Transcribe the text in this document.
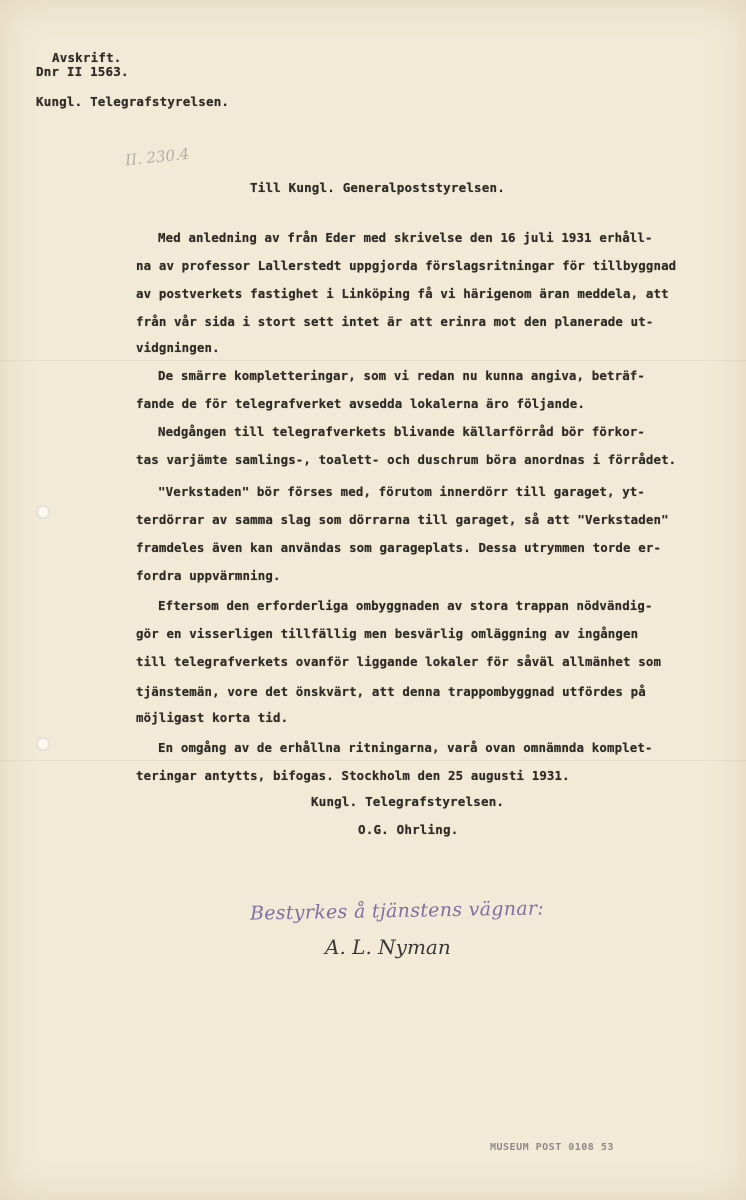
Avskrift.
Dnr II 1563.
Kungl. Telegrafstyrelsen.
II. 230.4
Till Kungl. Generalpoststyrelsen.
Med anledning av från Eder med skrivelse den 16 juli 1931 erhåll-
na av professor Lallerstedt uppgjorda förslagsritningar för tillbyggnad
av postverkets fastighet i Linköping få vi härigenom äran meddela, att
från vår sida i stort sett intet är att erinra mot den planerade ut-
vidgningen.
De smärre kompletteringar, som vi redan nu kunna angiva, beträf-
fande de för telegrafverket avsedda lokalerna äro följande.
Nedgången till telegrafverkets blivande källarförråd bör förkor-
tas varjämte samlings-, toalett- och duschrum böra anordnas i förrådet.
"Verkstaden" bör förses med, förutom innerdörr till garaget, yt-
terdörrar av samma slag som dörrarna till garaget, så att "Verkstaden"
framdeles även kan användas som garageplats. Dessa utrymmen torde er-
fordra uppvärmning.
Eftersom den erforderliga ombyggnaden av stora trappan nödvändig-
gör en visserligen tillfällig men besvärlig omläggning av ingången
till telegrafverkets ovanför liggande lokaler för såväl allmänhet som
tjänstemän, vore det önskvärt, att denna trappombyggnad utfördes på
möjligast korta tid.
En omgång av de erhållna ritningarna, varå ovan omnämnda komplet-
teringar antytts, bifogas. Stockholm den 25 augusti 1931.
Kungl. Telegrafstyrelsen.
O.G. Ohrling.
Bestyrkes å tjänstens vägnar:
A. L. Nyman
MUSEUM POST 0108 53
